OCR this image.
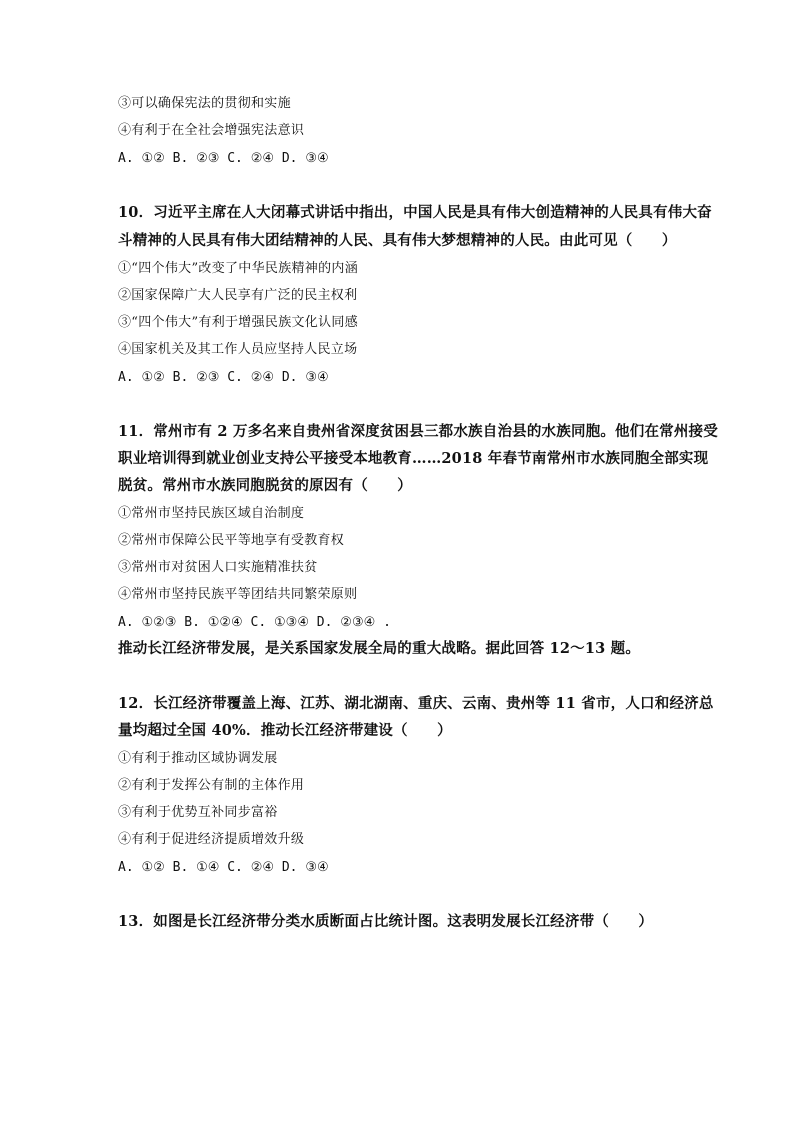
③可以确保宪法的贯彻和实施
④有利于在全社会增强宪法意识
A. ①② B. ②③ C. ②④ D. ③④
10．习近平主席在人大闭幕式讲话中指出，中国人民是具有伟大创造精神的人民具有伟大奋
斗精神的人民具有伟大团结精神的人民、具有伟大梦想精神的人民。由此可见（　　）
①“四个伟大”改变了中华民族精神的内涵
②国家保障广大人民享有广泛的民主权利
③“四个伟大”有利于增强民族文化认同感
④国家机关及其工作人员应坚持人民立场
A. ①② B. ②③ C. ②④ D. ③④
11．常州市有 2 万多名来自贵州省深度贫困县三都水族自治县的水族同胞。他们在常州接受
职业培训得到就业创业支持公平接受本地教育……2018 年春节南常州市水族同胞全部实现
脱贫。常州市水族同胞脱贫的原因有（　　）
①常州市坚持民族区域自治制度
②常州市保障公民平等地享有受教育权
③常州市对贫困人口实施精准扶贫
④常州市坚持民族平等团结共同繁荣原则
A. ①②③ B. ①②④ C. ①③④ D. ②③④ .
推动长江经济带发展，是关系国家发展全局的重大战略。据此回答 12～13 题。
12．长江经济带覆盖上海、江苏、湖北湖南、重庆、云南、贵州等 11 省市，人口和经济总
量均超过全国 40%．推动长江经济带建设（　　）
①有利于推动区域协调发展
②有利于发挥公有制的主体作用
③有利于优势互补同步富裕
④有利于促进经济提质增效升级
A. ①② B. ①④ C. ②④ D. ③④
13．如图是长江经济带分类水质断面占比统计图。这表明发展长江经济带（　　）
